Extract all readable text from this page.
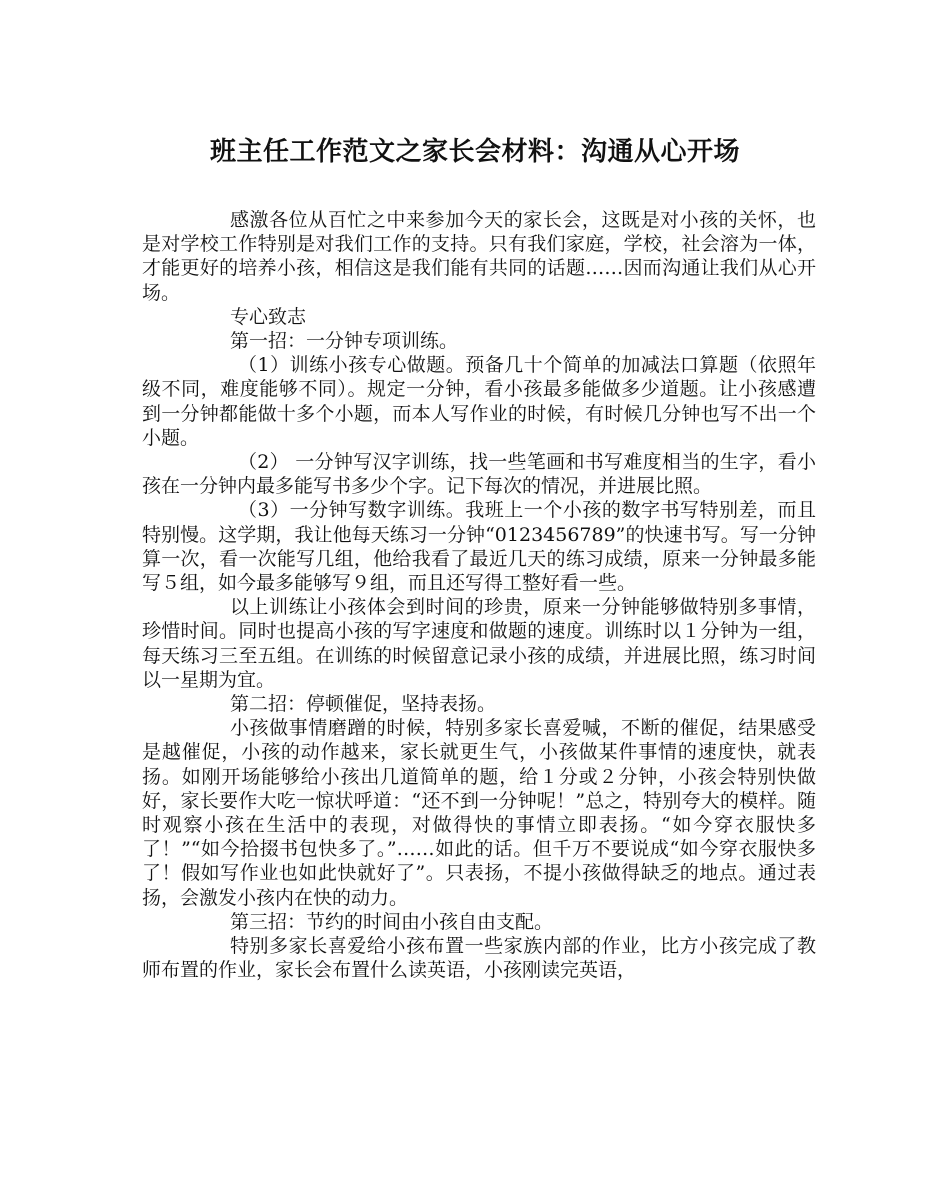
班主任工作范文之家长会材料：沟通从心开场

感激各位从百忙之中来参加今天的家长会，这既是对小孩的关怀，也是对学校工作特别是对我们工作的支持。只有我们家庭，学校，社会溶为一体，才能更好的培养小孩，相信这是我们能有共同的话题……因而沟通让我们从心开场。

专心致志

第一招：一分钟专项训练。

（1）训练小孩专心做题。预备几十个简单的加减法口算题（依照年级不同，难度能够不同）。规定一分钟，看小孩最多能做多少道题。让小孩感遭到一分钟都能做十多个小题，而本人写作业的时候，有时候几分钟也写不出一个小题。

（2） 一分钟写汉字训练，找一些笔画和书写难度相当的生字，看小孩在一分钟内最多能写书多少个字。记下每次的情况，并进展比照。

（3）一分钟写数字训练。我班上一个小孩的数字书写特别差，而且特别慢。这学期，我让他每天练习一分钟“0123456789”的快速书写。写一分钟算一次，看一次能写几组，他给我看了最近几天的练习成绩，原来一分钟最多能写５组，如今最多能够写９组，而且还写得工整好看一些。

以上训练让小孩体会到时间的珍贵，原来一分钟能够做特别多事情，珍惜时间。同时也提高小孩的写字速度和做题的速度。训练时以１分钟为一组，每天练习三至五组。在训练的时候留意记录小孩的成绩，并进展比照，练习时间以一星期为宜。

第二招：停顿催促，坚持表扬。

小孩做事情磨蹭的时候，特别多家长喜爱喊，不断的催促，结果感受是越催促，小孩的动作越来，家长就更生气，小孩做某件事情的速度快，就表扬。如刚开场能够给小孩出几道简单的题，给１分或２分钟，小孩会特别快做好，家长要作大吃一惊状呼道：“还不到一分钟呢！”总之，特别夸大的模样。随时观察小孩在生活中的表现，对做得快的事情立即表扬。“如今穿衣服快多了！”“如今拾掇书包快多了。”……如此的话。但千万不要说成“如今穿衣服快多了！假如写作业也如此快就好了”。只表扬，不提小孩做得缺乏的地点。通过表扬，会激发小孩内在快的动力。

第三招：节约的时间由小孩自由支配。

特别多家长喜爱给小孩布置一些家族内部的作业，比方小孩完成了教师布置的作业，家长会布置什么读英语，小孩刚读完英语，
